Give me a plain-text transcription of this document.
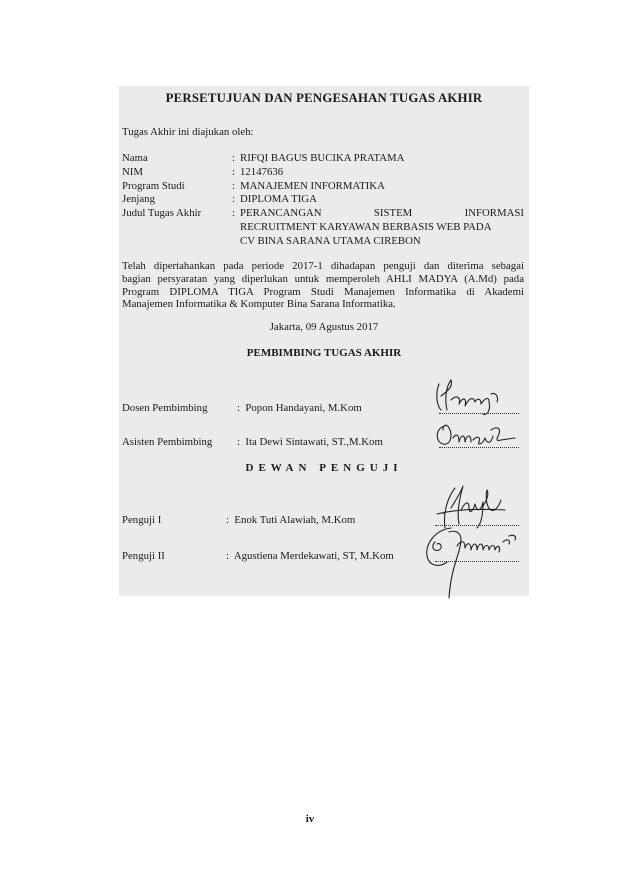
PERSETUJUAN DAN PENGESAHAN TUGAS AKHIR
Tugas Akhir ini diajukan oleh:
Nama	: RIFQI BAGUS BUCIKA PRATAMA
NIM	: 12147636
Program Studi	: MANAJEMEN INFORMATIKA
Jenjang	: DIPLOMA TIGA
Judul Tugas Akhir	: PERANCANGAN SISTEM INFORMASI
RECRUITMENT KARYAWAN BERBASIS WEB PADA
CV BINA SARANA UTAMA CIREBON
Telah dipertahankan pada periode 2017-1 dihadapan penguji dan diterima sebagai
bagian persyaratan yang diperlukan untuk memperoleh AHLI MADYA (A.Md) pada
Program DIPLOMA TIGA Program Studi Manajemen Informatika di Akademi
Manajemen Informatika & Komputer Bina Sarana Informatika.
Jakarta, 09 Agustus 2017
PEMBIMBING TUGAS AKHIR
Dosen Pembimbing	: Popon Handayani, M.Kom
Asisten Pembimbing	: Ita Dewi Sintawati, ST.,M.Kom
DEWAN PENGUJI
Penguji I	: Enok Tuti Alawiah, M.Kom
Penguji II	: Agustiena Merdekawati, ST, M.Kom
iv
